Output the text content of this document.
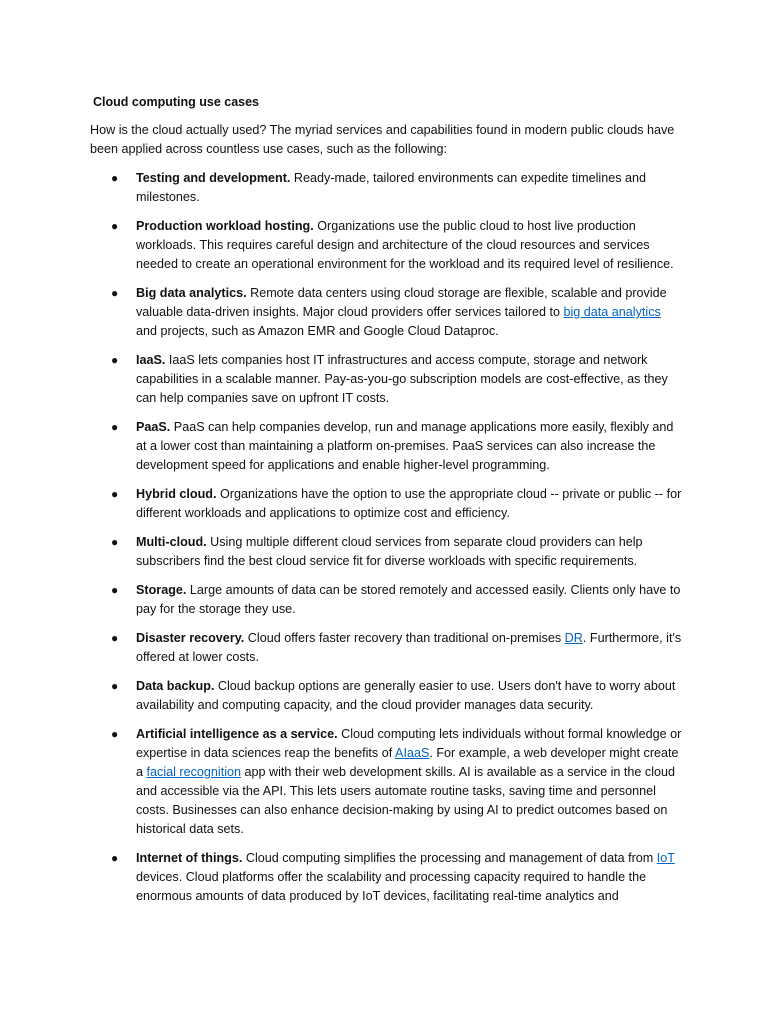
Cloud computing use cases

How is the cloud actually used? The myriad services and capabilities found in modern public clouds have been applied across countless use cases, such as the following:

● Testing and development. Ready-made, tailored environments can expedite timelines and milestones.
● Production workload hosting. Organizations use the public cloud to host live production workloads. This requires careful design and architecture of the cloud resources and services needed to create an operational environment for the workload and its required level of resilience.
● Big data analytics. Remote data centers using cloud storage are flexible, scalable and provide valuable data-driven insights. Major cloud providers offer services tailored to big data analytics and projects, such as Amazon EMR and Google Cloud Dataproc.
● IaaS. IaaS lets companies host IT infrastructures and access compute, storage and network capabilities in a scalable manner. Pay-as-you-go subscription models are cost-effective, as they can help companies save on upfront IT costs.
● PaaS. PaaS can help companies develop, run and manage applications more easily, flexibly and at a lower cost than maintaining a platform on-premises. PaaS services can also increase the development speed for applications and enable higher-level programming.
● Hybrid cloud. Organizations have the option to use the appropriate cloud -- private or public -- for different workloads and applications to optimize cost and efficiency.
● Multi-cloud. Using multiple different cloud services from separate cloud providers can help subscribers find the best cloud service fit for diverse workloads with specific requirements.
● Storage. Large amounts of data can be stored remotely and accessed easily. Clients only have to pay for the storage they use.
● Disaster recovery. Cloud offers faster recovery than traditional on-premises DR. Furthermore, it's offered at lower costs.
● Data backup. Cloud backup options are generally easier to use. Users don't have to worry about availability and computing capacity, and the cloud provider manages data security.
● Artificial intelligence as a service. Cloud computing lets individuals without formal knowledge or expertise in data sciences reap the benefits of AIaaS. For example, a web developer might create a facial recognition app with their web development skills. AI is available as a service in the cloud and accessible via the API. This lets users automate routine tasks, saving time and personnel costs. Businesses can also enhance decision-making by using AI to predict outcomes based on historical data sets.
● Internet of things. Cloud computing simplifies the processing and management of data from IoT devices. Cloud platforms offer the scalability and processing capacity required to handle the enormous amounts of data produced by IoT devices, facilitating real-time analytics and
